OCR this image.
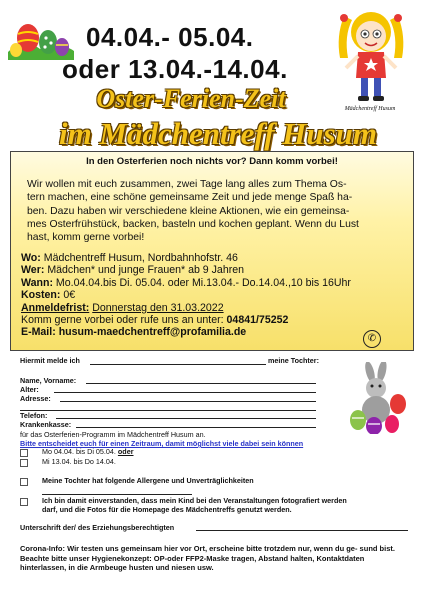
04.04.- 05.04.
oder 13.04.-14.04.
Mädchentreff Husum
Oster-Ferien-Zeit
im Mädchentreff Husum
In den Osterferien noch nichts vor? Dann komm vorbei!
Wir wollen mit euch zusammen, zwei Tage lang alles zum Thema Os-
tern machen, eine schöne gemeinsame Zeit und jede menge Spaß ha-
ben. Dazu haben wir verschiedene kleine Aktionen, wie ein gemeinsa-
mes Osterfrühstück, backen, basteln und kochen geplant. Wenn du Lust
hast, komm gerne vorbei!
Wo: Mädchentreff Husum, Nordbahnhofstr. 46
Wer: Mädchen* und junge Frauen* ab 9 Jahren
Wann: Mo.04.04.bis Di. 05.04. oder Mi.13.04.- Do.14.04.,10 bis 16Uhr
Kosten: 0€
Anmeldefrist: Donnerstag den 31.03.2022
Komm gerne vorbei oder rufe uns an unter: 04841/75252
E-Mail: husum-maedchentreff@profamilia.de
✆
Hiermit melde ich	meine Tochter:
Name, Vorname:
Alter:
Adresse:
Telefon:
Krankenkasse:
für das Osterferien-Programm im Mädchentreff Husum an.
Bitte entscheidet euch für einen Zeitraum, damit möglichst viele dabei sein können
Mo 04.04. bis Di 05.04. oder
Mi 13.04. bis Do 14.04.
Meine Tochter hat folgende Allergene und Unverträglichkeiten
Ich bin damit einverstanden, dass mein Kind bei den Veranstaltungen fotografiert werden
darf, und die Fotos für die Homepage des Mädchentreffs genutzt werden.
Unterschrift der/ des Erziehungsberechtigten
Corona-Info: Wir testen uns gemeinsam hier vor Ort, erscheine bitte trotzdem nur, wenn du ge- sund bist. Beachte bitte unser Hygienekonzept: OP-oder FFP2-Maske tragen, Abstand halten, Kontaktdaten hinterlassen, in die Armbeuge husten und niesen usw.
